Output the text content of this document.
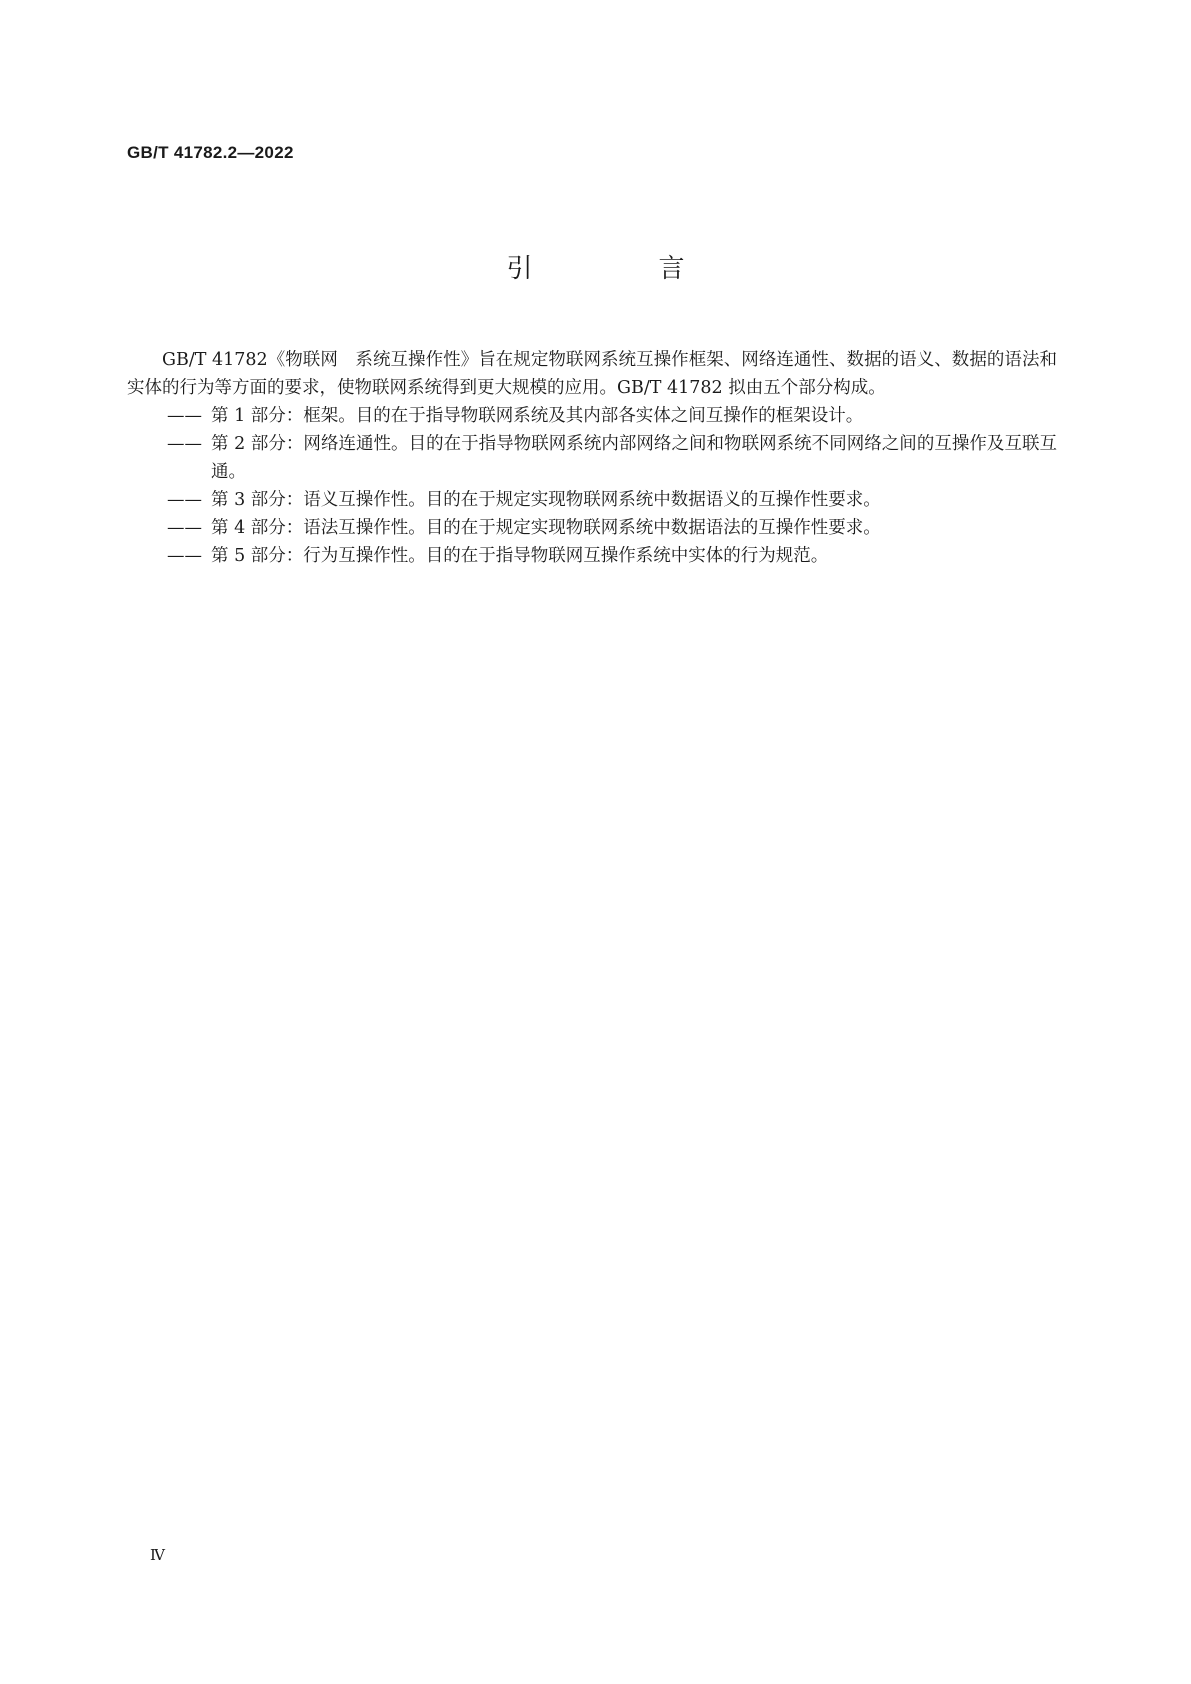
GB/T 41782.2—2022
引　言

GB/T 41782《物联网　系统互操作性》旨在规定物联网系统互操作框架、网络连通性、数据的语义、数据的语法和实体的行为等方面的要求，使物联网系统得到更大规模的应用。GB/T 41782 拟由五个部分构成。

—— 第 1 部分：框架。目的在于指导物联网系统及其内部各实体之间互操作的框架设计。
—— 第 2 部分：网络连通性。目的在于指导物联网系统内部网络之间和物联网系统不同网络之间的互操作及互联互通。
—— 第 3 部分：语义互操作性。目的在于规定实现物联网系统中数据语义的互操作性要求。
—— 第 4 部分：语法互操作性。目的在于规定实现物联网系统中数据语法的互操作性要求。
—— 第 5 部分：行为互操作性。目的在于指导物联网互操作系统中实体的行为规范。
Ⅳ
